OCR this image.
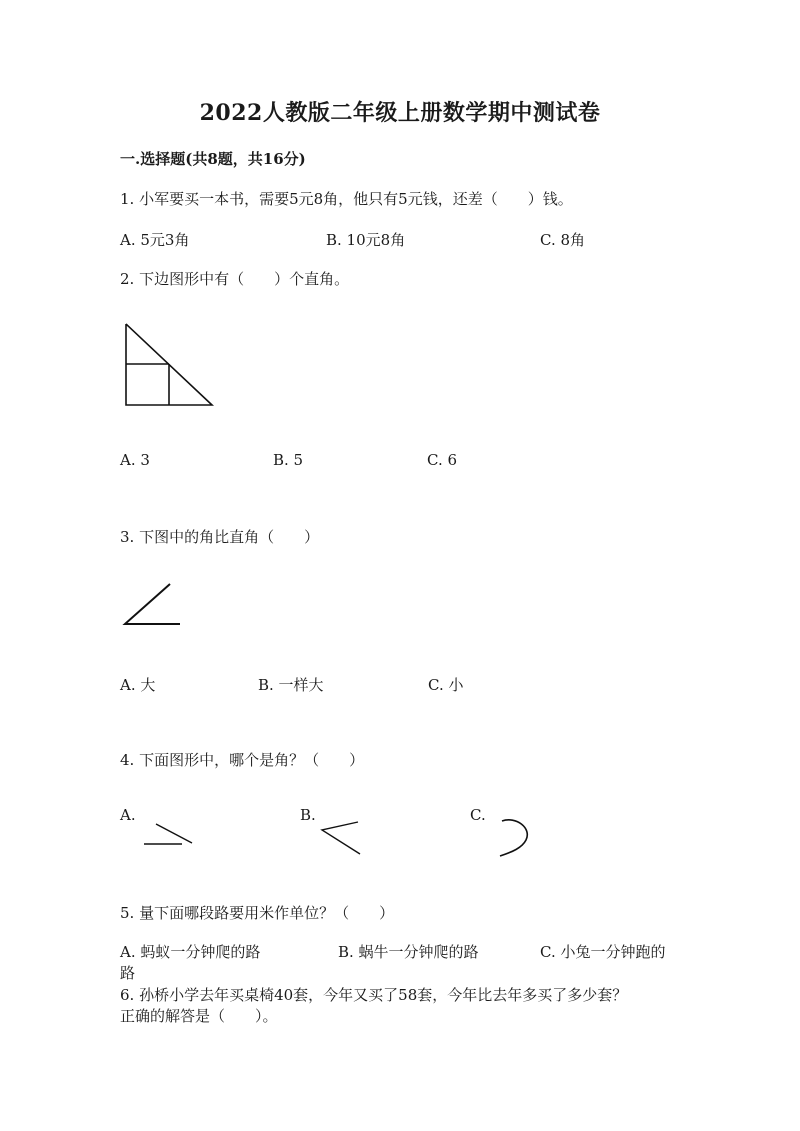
2022人教版二年级上册数学期中测试卷
一.选择题(共8题，共16分)
1. 小军要买一本书，需要5元8角，他只有5元钱，还差（　　）钱。
A. 5元3角	B. 10元8角	C. 8角
2. 下边图形中有（　　）个直角。
A. 3	B. 5	C. 6
3. 下图中的角比直角（　　）
A. 大	B. 一样大	C. 小
4. 下面图形中，哪个是角？（　　）
A.	B.	C.
5. 量下面哪段路要用米作单位？（　　）
A. 蚂蚁一分钟爬的路	B. 蜗牛一分钟爬的路	C. 小兔一分钟跑的
路
6. 孙桥小学去年买桌椅40套，今年又买了58套，今年比去年多买了多少套？
正确的解答是（　　）。
